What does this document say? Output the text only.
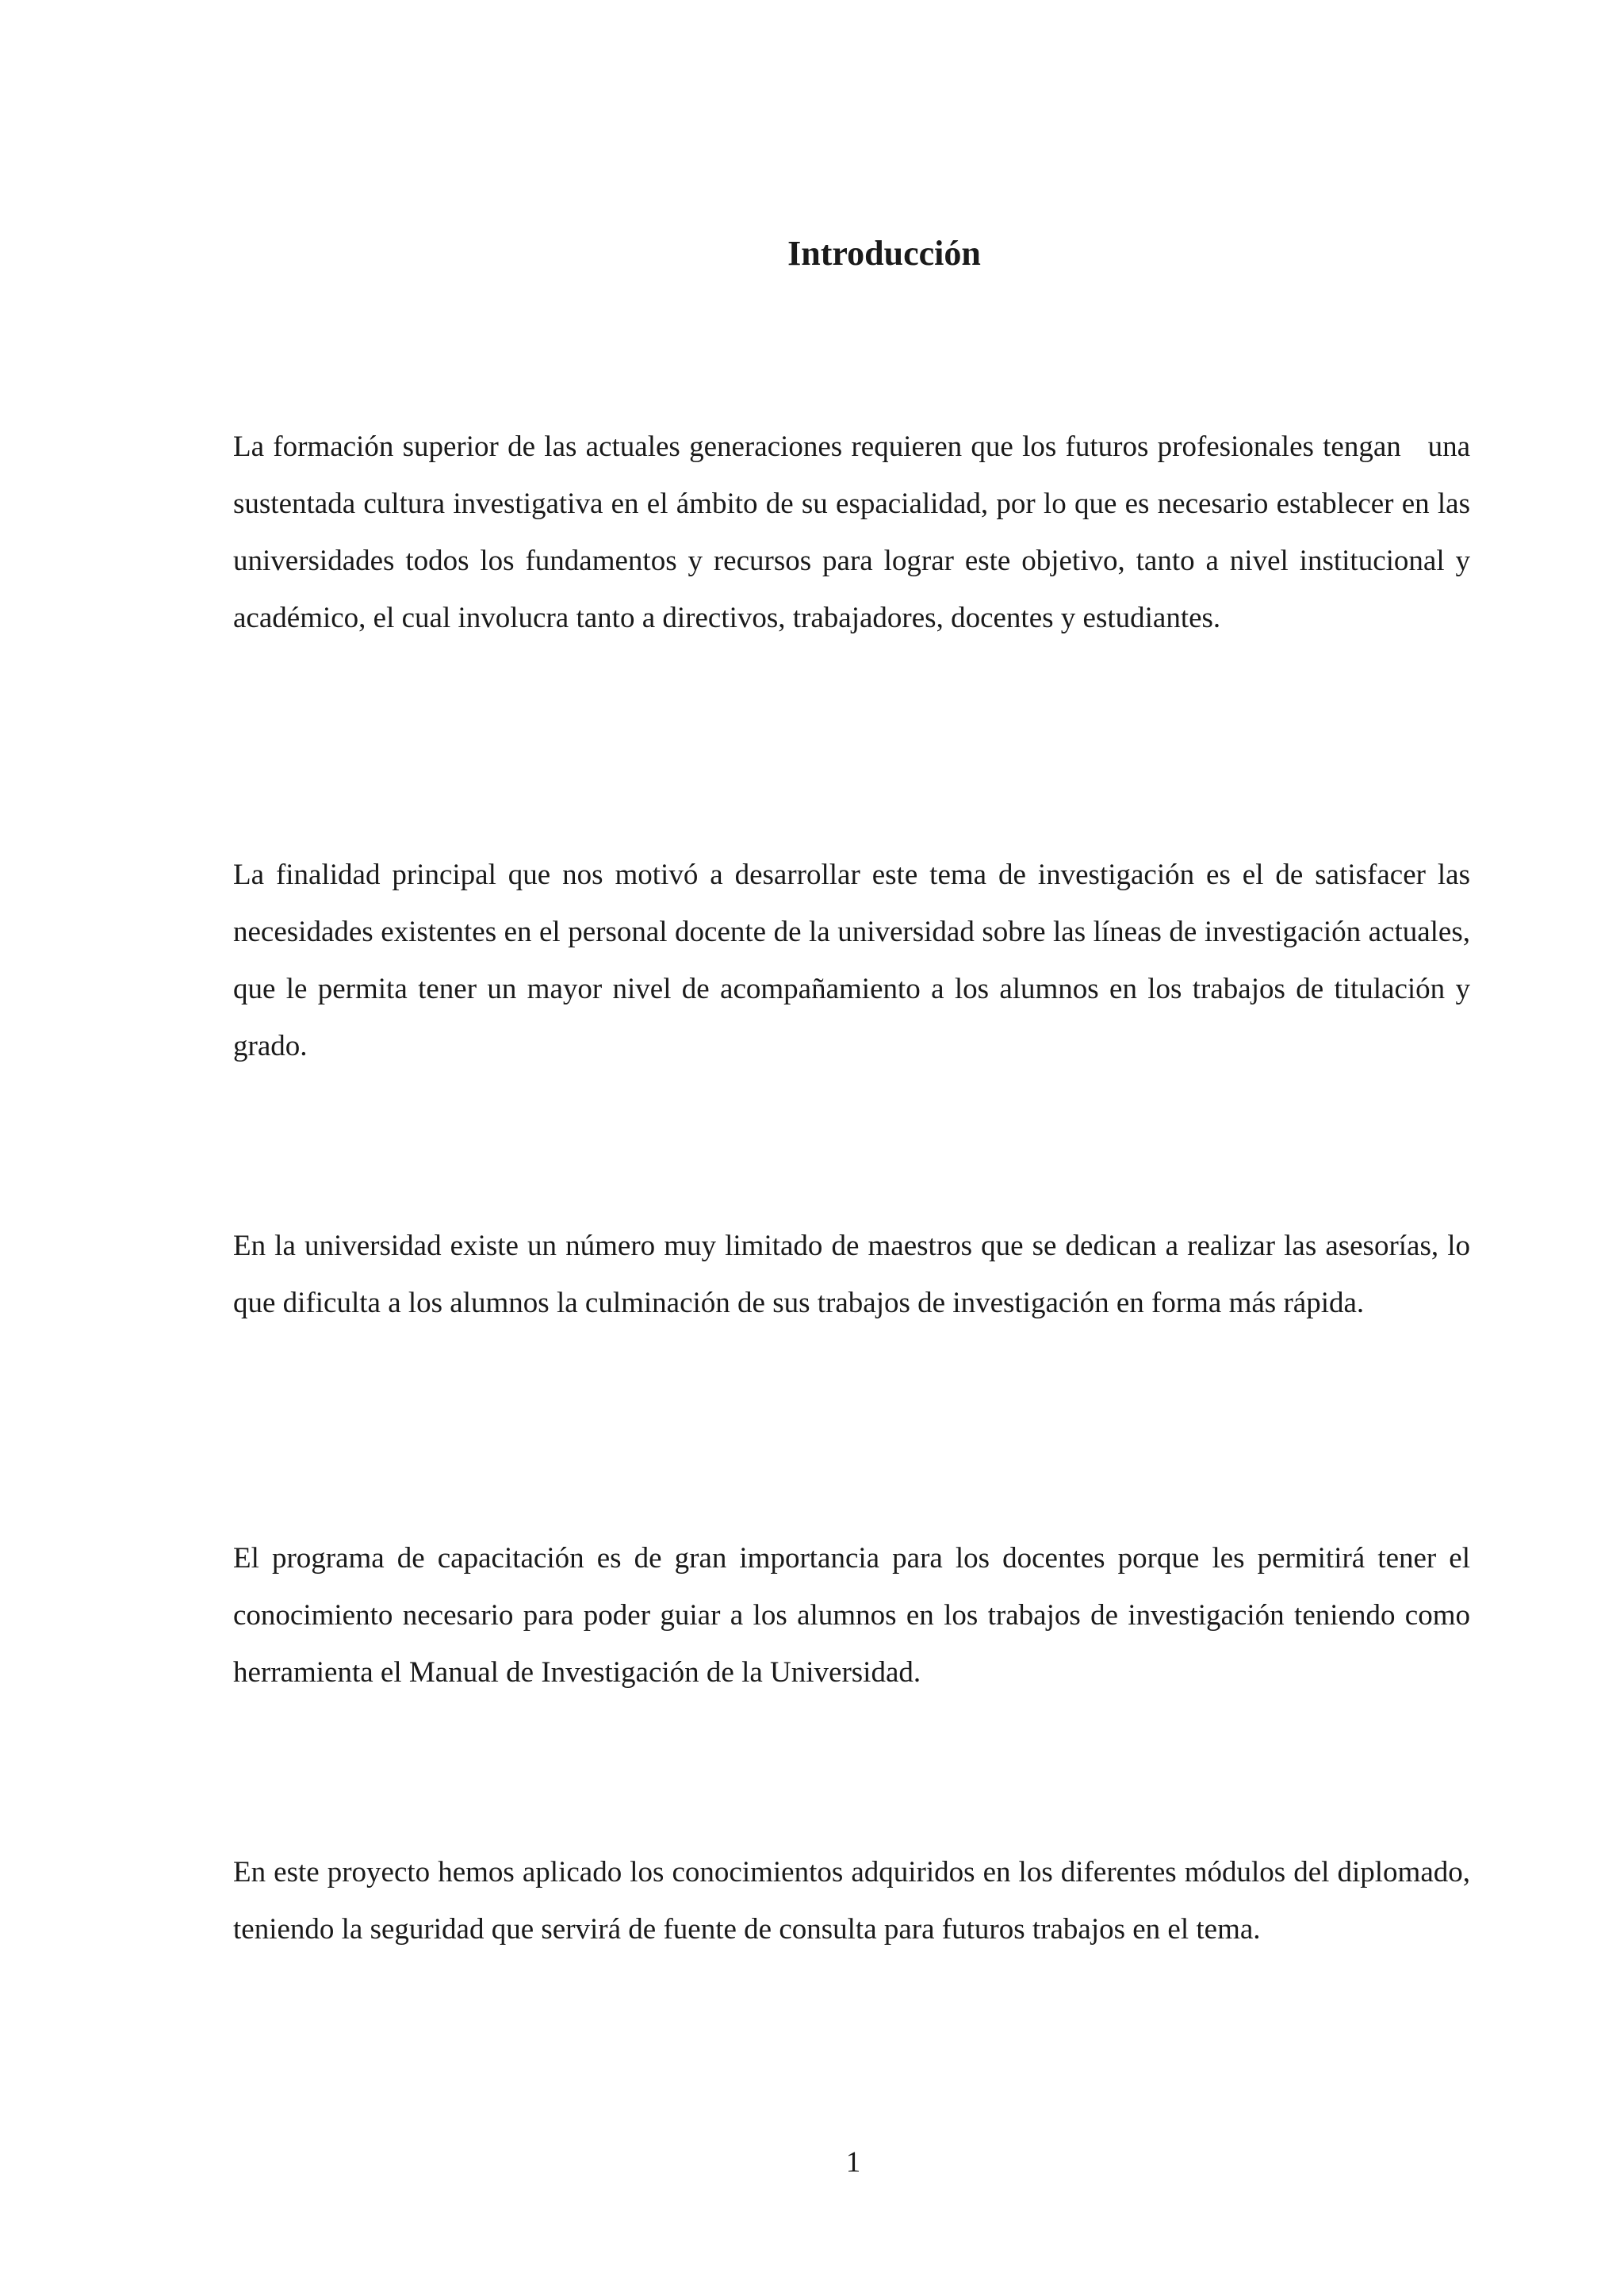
Introducción

La formación superior de las actuales generaciones requieren que los futuros profesionales tengan   una sustentada cultura investigativa en el ámbito de su espacialidad, por lo que es necesario establecer en las universidades todos los fundamentos y recursos para lograr este objetivo, tanto a nivel institucional y académico, el cual involucra tanto a directivos, trabajadores, docentes y estudiantes.

La finalidad principal que nos motivó a desarrollar este tema de investigación es el de satisfacer las necesidades existentes en el personal docente de la universidad sobre las líneas de investigación actuales, que le permita tener un mayor nivel de acompañamiento a los alumnos en los trabajos de titulación y grado.

En la universidad existe un número muy limitado de maestros que se dedican a realizar las asesorías, lo que dificulta a los alumnos la culminación de sus trabajos de investigación en forma más rápida.

El programa de capacitación es de gran importancia para los docentes porque les permitirá tener el conocimiento necesario para poder guiar a los alumnos en los trabajos de investigación teniendo como herramienta el Manual de Investigación de la Universidad.

En este proyecto hemos aplicado los conocimientos adquiridos en los diferentes módulos del diplomado, teniendo la seguridad que servirá de fuente de consulta para futuros trabajos en el tema.

1
